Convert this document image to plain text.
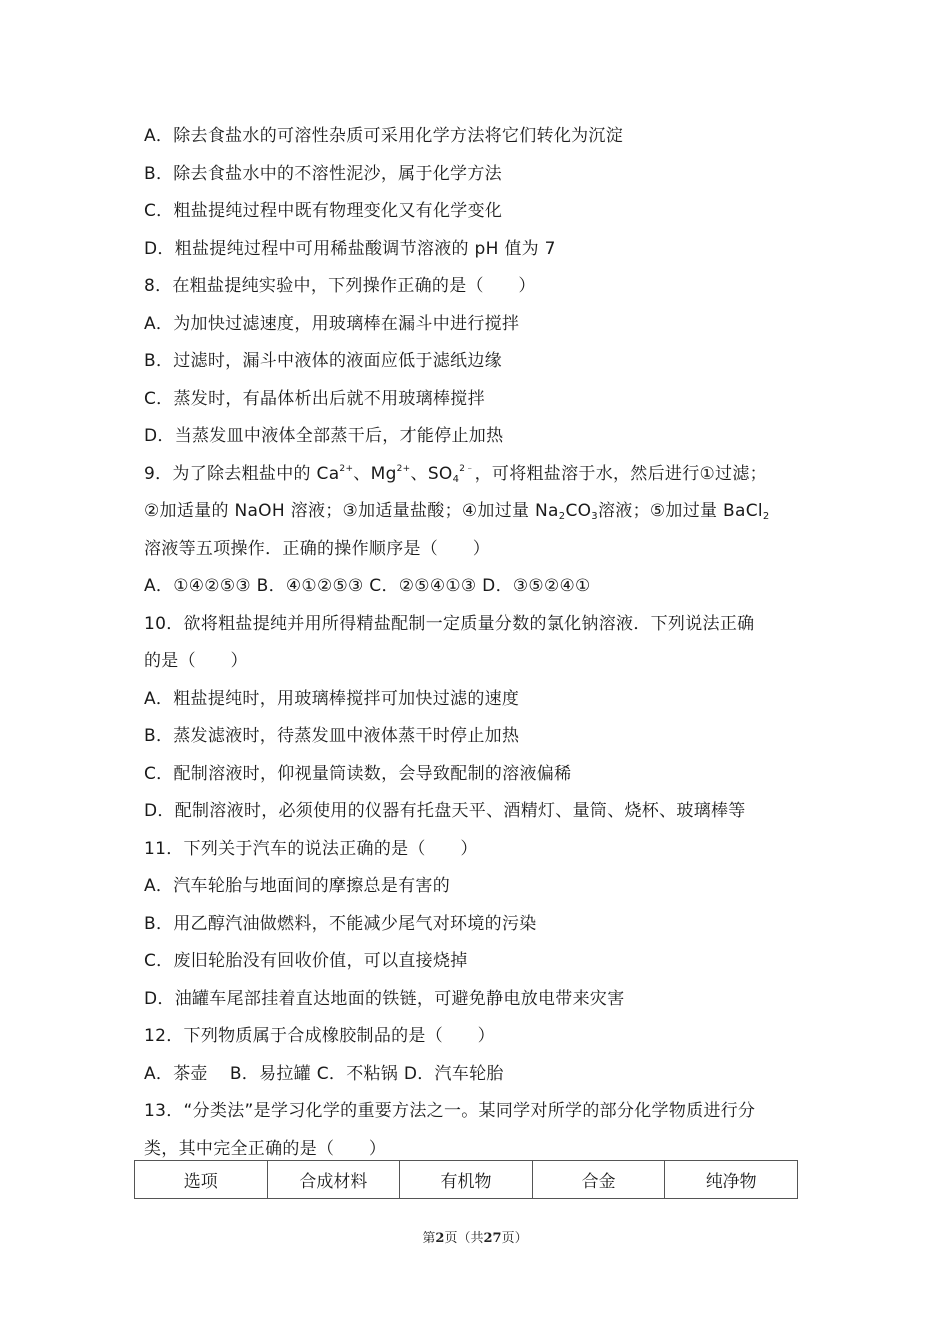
A．除去食盐水的可溶性杂质可采用化学方法将它们转化为沉淀
B．除去食盐水中的不溶性泥沙，属于化学方法
C．粗盐提纯过程中既有物理变化又有化学变化
D．粗盐提纯过程中可用稀盐酸调节溶液的 pH 值为 7
8．在粗盐提纯实验中，下列操作正确的是（　　）
A．为加快过滤速度，用玻璃棒在漏斗中进行搅拌
B．过滤时，漏斗中液体的液面应低于滤纸边缘
C．蒸发时，有晶体析出后就不用玻璃棒搅拌
D．当蒸发皿中液体全部蒸干后，才能停止加热
9．为了除去粗盐中的 $Ca^{2+}$、$Mg^{2+}$、$SO_4^{2﹣}$，可将粗盐溶于水，然后进行①过滤；
②加适量的 NaOH 溶液；③加适量盐酸；④加过量 $Na_2CO_3$溶液；⑤加过量 BaCl$_2$
溶液等五项操作．正确的操作顺序是（　　）
A．①④②⑤③ B．④①②⑤③ C．②⑤④①③ D．③⑤②④①
10．欲将粗盐提纯并用所得精盐配制一定质量分数的氯化钠溶液．下列说法正确
的是（　　）
A．粗盐提纯时，用玻璃棒搅拌可加快过滤的速度
B．蒸发滤液时，待蒸发皿中液体蒸干时停止加热
C．配制溶液时，仰视量筒读数，会导致配制的溶液偏稀
D．配制溶液时，必须使用的仪器有托盘天平、酒精灯、量筒、烧杯、玻璃棒等
11．下列关于汽车的说法正确的是（　　）
A．汽车轮胎与地面间的摩擦总是有害的
B．用乙醇汽油做燃料，不能减少尾气对环境的污染
C．废旧轮胎没有回收价值，可以直接烧掉
D．油罐车尾部挂着直达地面的铁链，可避免静电放电带来灾害
12．下列物质属于合成橡胶制品的是（　　）
A．茶壶 B．易拉罐 C．不粘锅 D．汽车轮胎
13．“分类法”是学习化学的重要方法之一。某同学对所学的部分化学物质进行分
类，其中完全正确的是（　　）
选项	合成材料	有机物	合金	纯净物
第2页（共27页）
